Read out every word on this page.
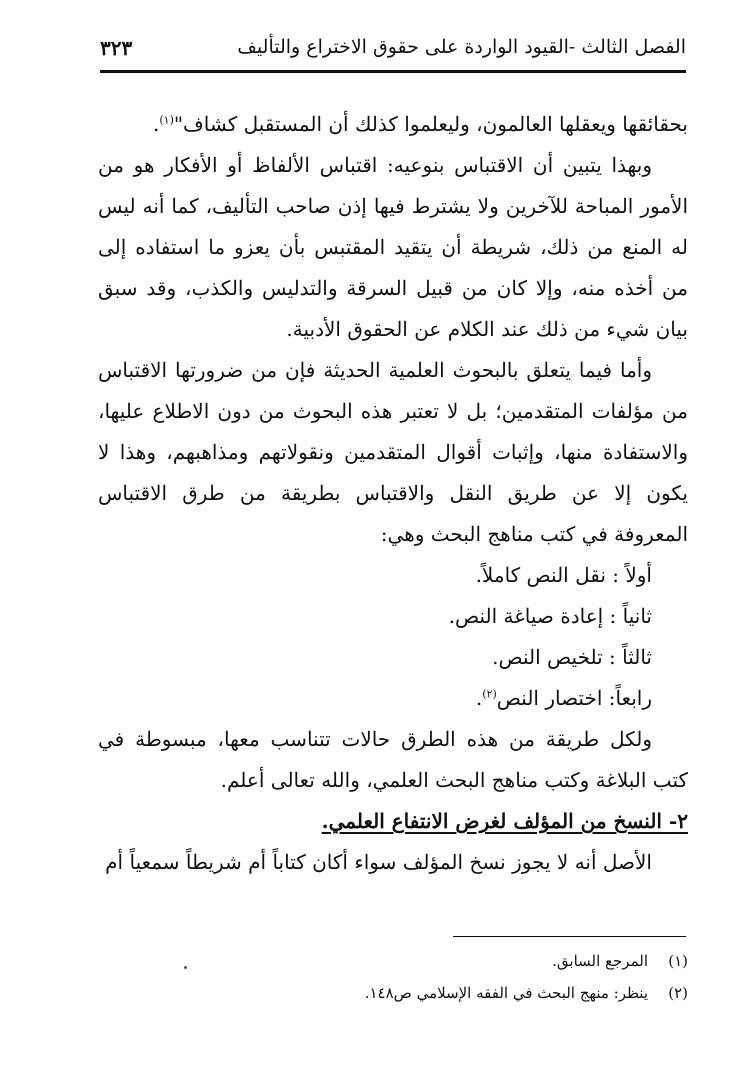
الفصل الثالث -القيود الواردة على حقوق الاختراع والتأليف
٣٢٣

بحقائقها ويعقلها العالمون، وليعلموا كذلك أن المستقبل كشاف"$^{(١)}$.

وبهذا يتبين أن الاقتباس بنوعيه: اقتباس الألفاظ أو الأفكار هو من الأمور المباحة للآخرين ولا يشترط فيها إذن صاحب التأليف، كما أنه ليس له المنع من ذلك، شريطة أن يتقيد المقتبس بأن يعزو ما استفاده إلى من أخذه منه، وإلا كان من قبيل السرقة والتدليس والكذب، وقد سبق بيان شيء من ذلك عند الكلام عن الحقوق الأدبية.

وأما فيما يتعلق بالبحوث العلمية الحديثة فإن من ضرورتها الاقتباس من مؤلفات المتقدمين؛ بل لا تعتبر هذه البحوث من دون الاطلاع عليها، والاستفادة منها، وإثبات أقوال المتقدمين ونقولاتهم ومذاهبهم، وهذا لا يكون إلا عن طريق النقل والاقتباس بطريقة من طرق الاقتباس المعروفة في كتب مناهج البحث وهي:

أولاً : نقل النص كاملاً.

ثانياً : إعادة صياغة النص.

ثالثاً : تلخيص النص.

رابعاً: اختصار النص$^{(٢)}$.

ولكل طريقة من هذه الطرق حالات تتناسب معها، مبسوطة في كتب البلاغة وكتب مناهج البحث العلمي، والله تعالى أعلم.

٢- النسخ من المؤلف لغرض الانتفاع العلمي.

الأصل أنه لا يجوز نسخ المؤلف سواء أكان كتاباً أم شريطاً سمعياً أم

(١)المرجع السابق.

(٢)ينظر: منهج البحث في الفقه الإسلامي ص١٤٨.
